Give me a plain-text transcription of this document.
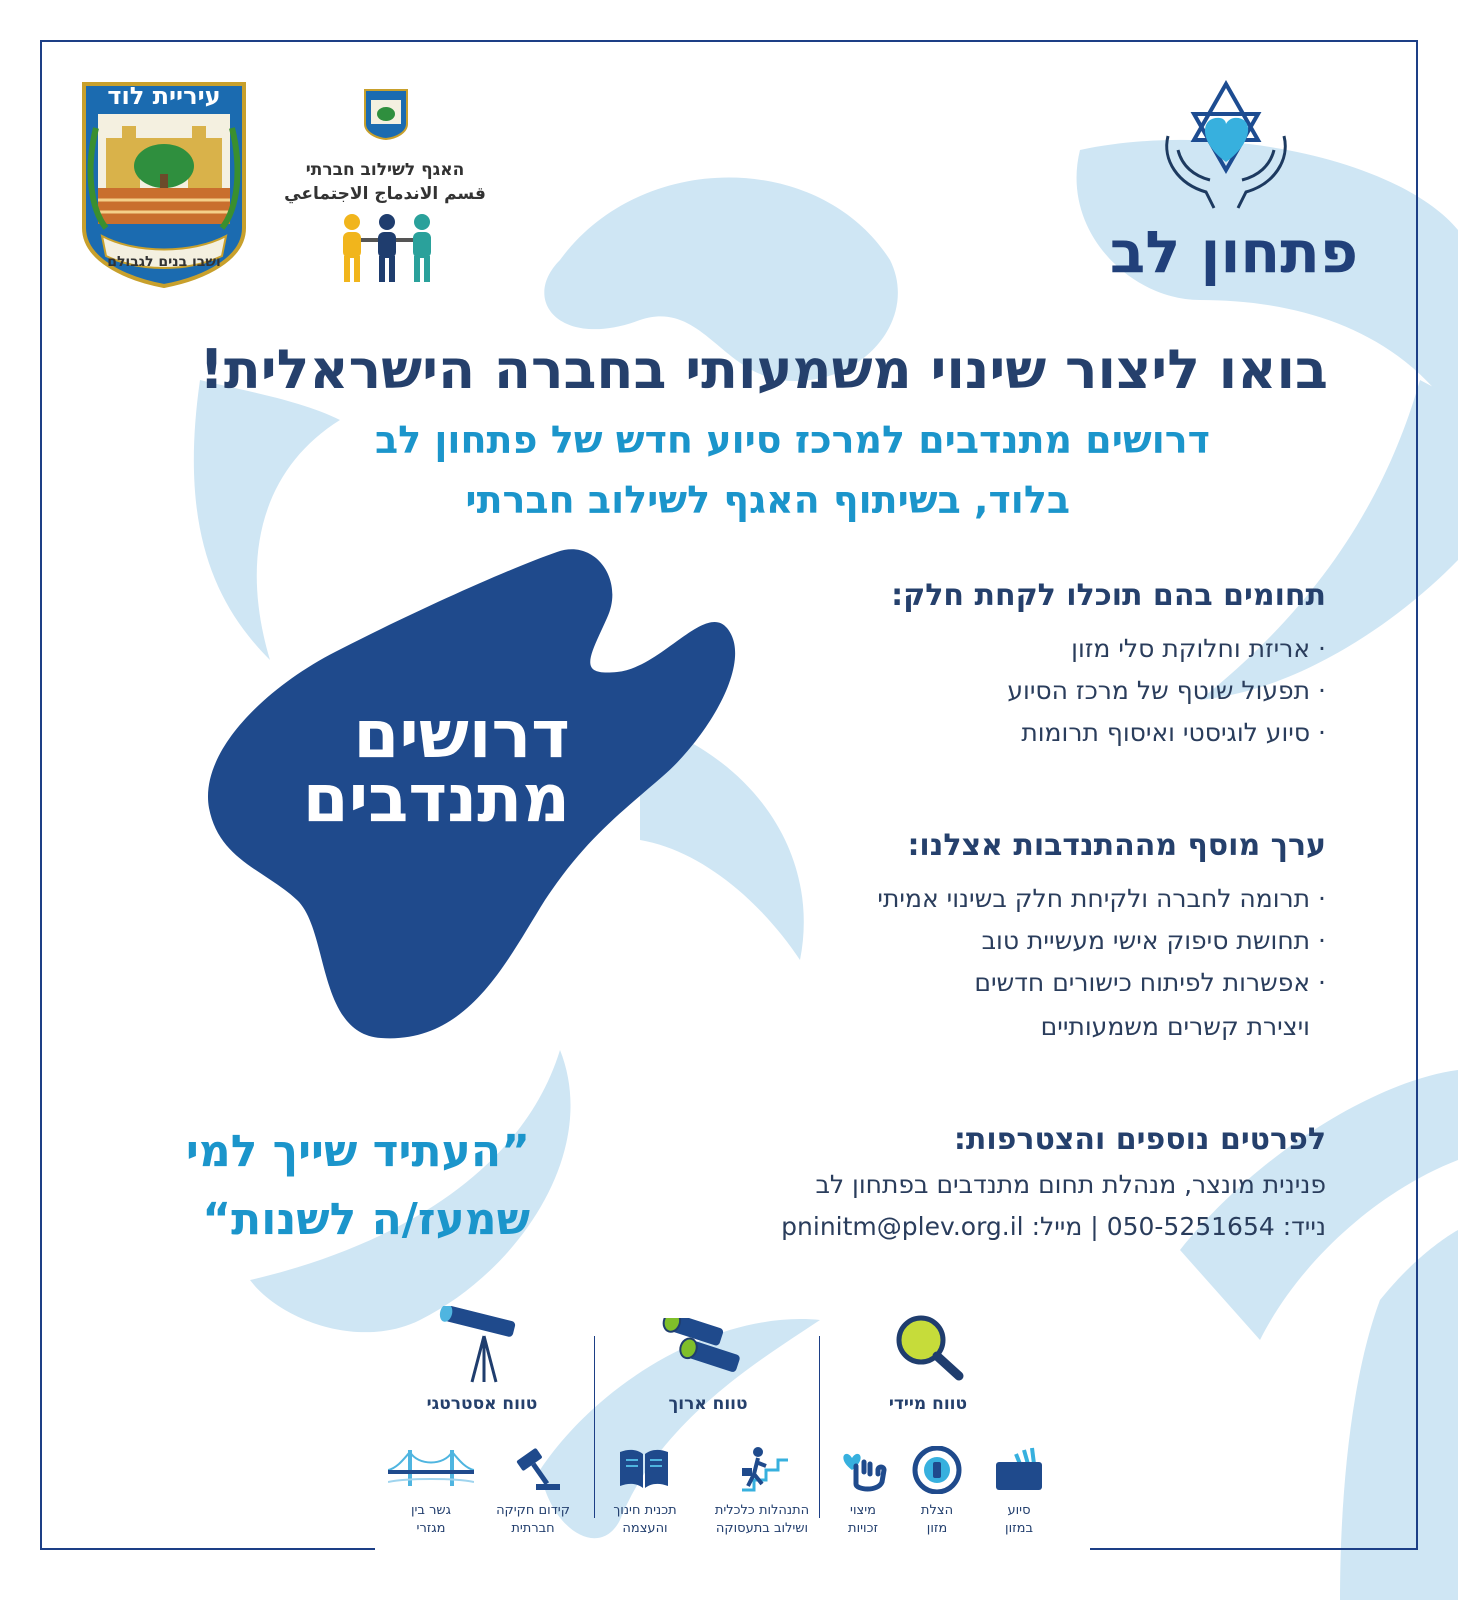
עיריית לוד
ושבו בנים לגבולם
האגף לשילוב חברתי
قسم الاندماج الاجتماعي
פתחון לב
בואו ליצור שינוי משמעותי בחברה הישראלית!
דרושים מתנדבים למרכז סיוע חדש של פתחון לב
בלוד, בשיתוף האגף לשילוב חברתי
דרושים
מתנדבים
תחומים בהם תוכלו לקחת חלק:
· אריזת וחלוקת סלי מזון
· תפעול שוטף של מרכז הסיוע
· סיוע לוגיסטי ואיסוף תרומות
ערך מוסף מההתנדבות אצלנו:
· תרומה לחברה ולקיחת חלק בשינוי אמיתי
· תחושת סיפוק אישי מעשיית טוב
· אפשרות לפיתוח כישורים חדשים
ויצירת קשרים משמעותיים
”העתיד שייך למי
שמעז/ה לשנות“
לפרטים נוספים והצטרפות:
פנינית מונצר, מנהלת תחום מתנדבים בפתחון לב
נייד: 050-5251654 | מייל: pninitm@plev.org.il
טווח מיידי
טווח ארוך
טווח אסטרטגי
סיוע
במזון
הצלת
מזון
מיצוי
זכויות
התנהלות כלכלית
ושילוב בתעסוקה
תכנית חינוך
והעצמה
קידום חקיקה
חברתית
גשר בין
מגזרי
